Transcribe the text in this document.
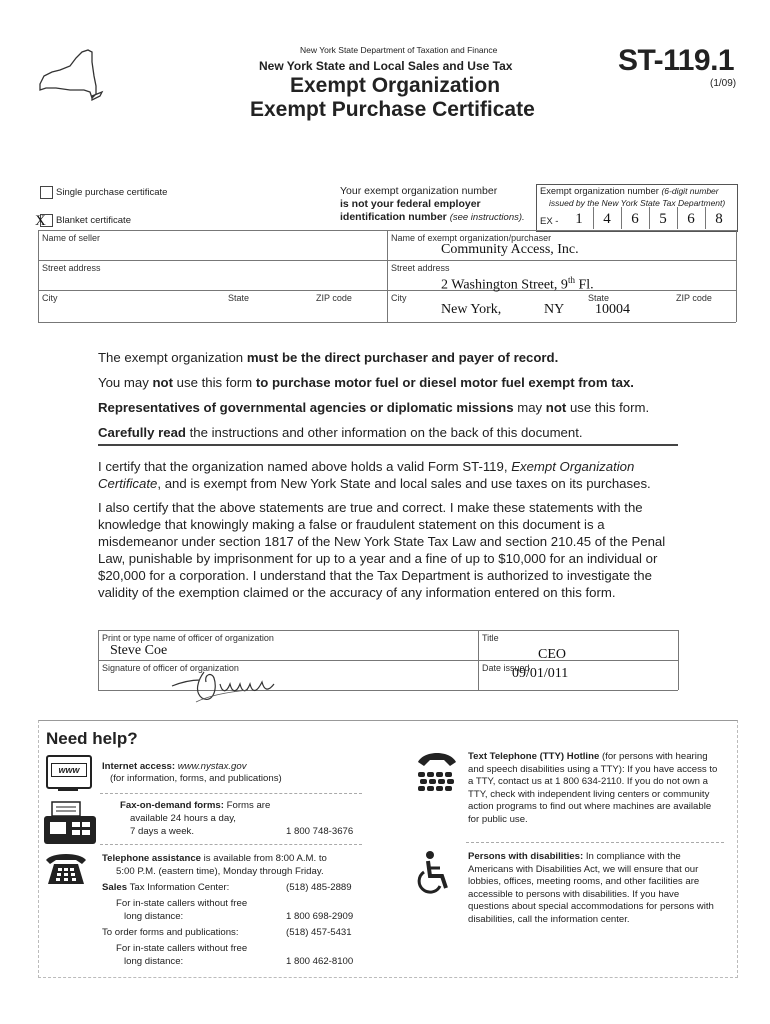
New York State Department of Taxation and Finance
New York State and Local Sales and Use Tax
Exempt Organization
Exempt Purchase Certificate
ST-119.1
(1/09)
Single purchase certificate
X Blanket certificate
Your exempt organization number
is not your federal employer
identification number (see instructions).
Exempt organization number (6-digit number
issued by the New York State Tax Department)
EX -	1	4	6	5	6	8
Name of seller
Street address
City	State	ZIP code
Name of exempt organization/purchaser
Community Access, Inc.
Street address
2 Washington Street, 9th Fl.
City	State	ZIP code
New York,	NY 10004
The exempt organization must be the direct purchaser and payer of record.
You may not use this form to purchase motor fuel or diesel motor fuel exempt from tax.
Representatives of governmental agencies or diplomatic missions may not use this form.
Carefully read the instructions and other information on the back of this document.
I certify that the organization named above holds a valid Form ST-119, Exempt Organization Certificate, and is exempt from New York State and local sales and use taxes on its purchases.
I also certify that the above statements are true and correct. I make these statements with the knowledge that knowingly making a false or fraudulent statement on this document is a misdemeanor under section 1817 of the New York State Tax Law and section 210.45 of the Penal Law, punishable by imprisonment for up to a year and a fine of up to $10,000 for an individual or $20,000 for a corporation. I understand that the Tax Department is authorized to investigate the validity of the exemption claimed or the accuracy of any information entered on this form.
Print or type name of officer of organization
Steve Coe
Title
CEO
Signature of officer of organization	Date issued
09/01/011
Need help?
www	Internet access: www.nystax.gov
(for information, forms, and publications)
Fax-on-demand forms: Forms are
available 24 hours a day,
7 days a week.	1 800 748-3676
Telephone assistance is available from 8:00 A.M. to
5:00 P.M. (eastern time), Monday through Friday.
Sales Tax Information Center:	(518) 485-2889
For in-state callers without free
long distance:	1 800 698-2909
To order forms and publications:	(518) 457-5431
For in-state callers without free
long distance:	1 800 462-8100
Text Telephone (TTY) Hotline (for persons with hearing and speech disabilities using a TTY): If you have access to a TTY, contact us at 1 800 634-2110. If you do not own a TTY, check with independent living centers or community action programs to find out where machines are available for public use.
Persons with disabilities: In compliance with the Americans with Disabilities Act, we will ensure that our lobbies, offices, meeting rooms, and other facilities are accessible to persons with disabilities. If you have questions about special accommodations for persons with disabilities, call the information center.
